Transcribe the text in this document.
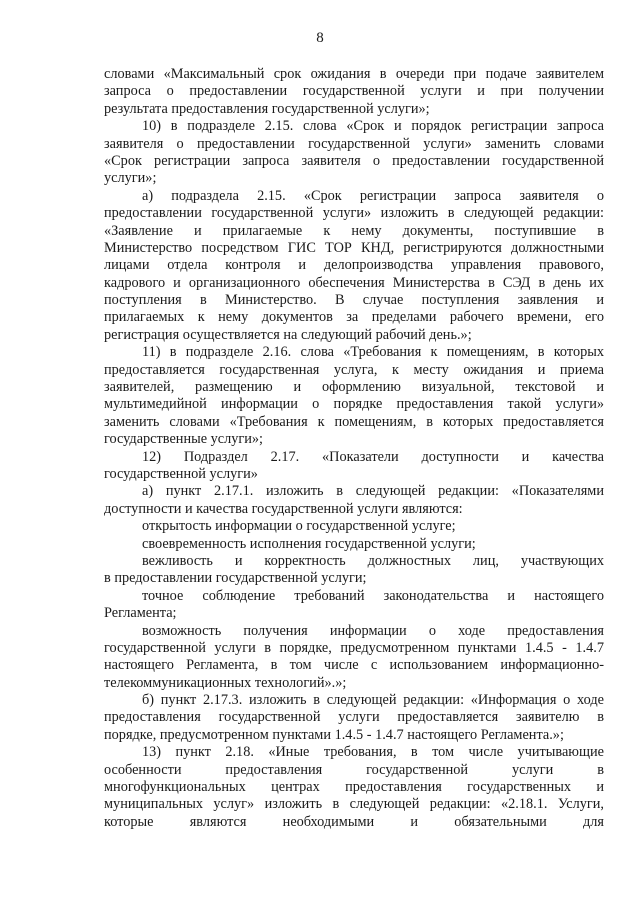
8
словами «Максимальный срок ожидания в очереди при подаче заявителем
запроса о предоставлении государственной услуги и при получении
результата предоставления государственной услуги»;
10) в подразделе 2.15. слова «Срок и порядок регистрации запроса
заявителя о предоставлении государственной услуги» заменить словами
«Срок регистрации запроса заявителя о предоставлении государственной
услуги»;
а) подраздела 2.15. «Срок регистрации запроса заявителя о
предоставлении государственной услуги» изложить в следующей редакции:
«Заявление и прилагаемые к нему документы, поступившие в
Министерство посредством ГИС ТОР КНД, регистрируются должностными
лицами отдела контроля и делопроизводства управления правового,
кадрового и организационного обеспечения Министерства в СЭД в день их
поступления в Министерство. В случае поступления заявления и
прилагаемых к нему документов за пределами рабочего времени, его
регистрация осуществляется на следующий рабочий день.»;
11) в подразделе 2.16. слова «Требования к помещениям, в которых
предоставляется государственная услуга, к месту ожидания и приема
заявителей, размещению и оформлению визуальной, текстовой и
мультимедийной информации о порядке предоставления такой услуги»
заменить словами «Требования к помещениям, в которых предоставляется
государственные услуги»;
12) Подраздел 2.17. «Показатели доступности и качества
государственной услуги»
а) пункт 2.17.1. изложить в следующей редакции: «Показателями
доступности и качества государственной услуги являются:
открытость информации о государственной услуге;
своевременность исполнения государственной услуги;
вежливость и корректность должностных лиц, участвующих
в предоставлении государственной услуги;
точное соблюдение требований законодательства и настоящего
Регламента;
возможность получения информации о ходе предоставления
государственной услуги в порядке, предусмотренном пунктами 1.4.5 - 1.4.7
настоящего Регламента, в том числе с использованием информационно-
телекоммуникационных технологий».»;
б) пункт 2.17.3. изложить в следующей редакции: «Информация о ходе
предоставления государственной услуги предоставляется заявителю в
порядке, предусмотренном пунктами 1.4.5 - 1.4.7 настоящего Регламента.»;
13) пункт 2.18. «Иные требования, в том числе учитывающие
особенности предоставления государственной услуги в
многофункциональных центрах предоставления государственных и
муниципальных услуг» изложить в следующей редакции: «2.18.1. Услуги,
которые являются необходимыми и обязательными для
